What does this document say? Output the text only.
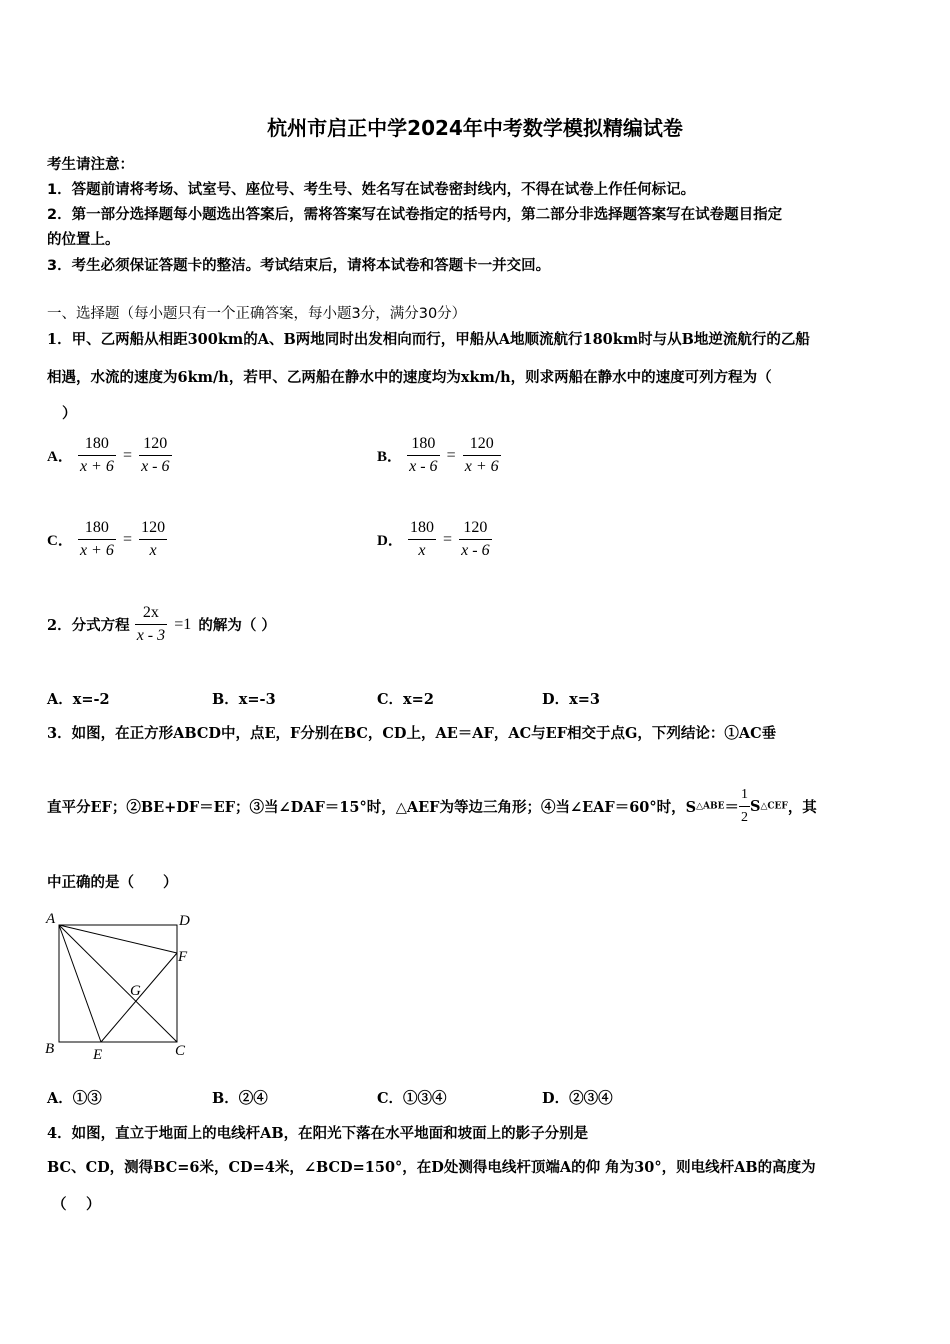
杭州市启正中学2024年中考数学模拟精编试卷
考生请注意：
1．答题前请将考场、试室号、座位号、考生号、姓名写在试卷密封线内，不得在试卷上作任何标记。
2．第一部分选择题每小题选出答案后，需将答案写在试卷指定的括号内，第二部分非选择题答案写在试卷题目指定
的位置上。
3．考生必须保证答题卡的整洁。考试结束后，请将本试卷和答题卡一并交回。
一、选择题（每小题只有一个正确答案，每小题3分，满分30分）
1．甲、乙两船从相距300km的A、B两地同时出发相向而行，甲船从A地顺流航行180km时与从B地逆流航行的乙船
相遇，水流的速度为6km/h，若甲、乙两船在静水中的速度均为xkm/h，则求两船在静水中的速度可列方程为（
）
A． $\frac{180}{x + 6} = \frac{120}{x - 6}$	B． $\frac{180}{x - 6} = \frac{120}{x + 6}$
C． $\frac{180}{x + 6} = \frac{120}{x}$	D． $\frac{180}{x} = \frac{120}{x - 6}$
2．分式方程 $\frac{2x}{x - 3} =1$ 的解为（ ）
A．x=-2	B．x=-3	C．x=2	D．x=3
3．如图，在正方形ABCD中，点E，F分别在BC，CD上，AE＝AF，AC与EF相交于点G，下列结论：①AC垂
直平分EF；②BE+DF＝EF；③当∠DAF＝15°时，△AEF为等边三角形；④当∠EAF＝60°时，S△ABE＝ $\frac{1}{2}$ S△CEF，其
中正确的是（　　）
A	D
F
G
B	E	C
A．①③	B．②④	C．①③④	D．②③④
4．如图，直立于地面上的电线杆AB，在阳光下落在水平地面和坡面上的影子分别是
BC、CD，测得BC=6米，CD=4米，∠BCD=150°，在D处测得电线杆顶端A的仰 角为30°，则电线杆AB的高度为
（　 ）
